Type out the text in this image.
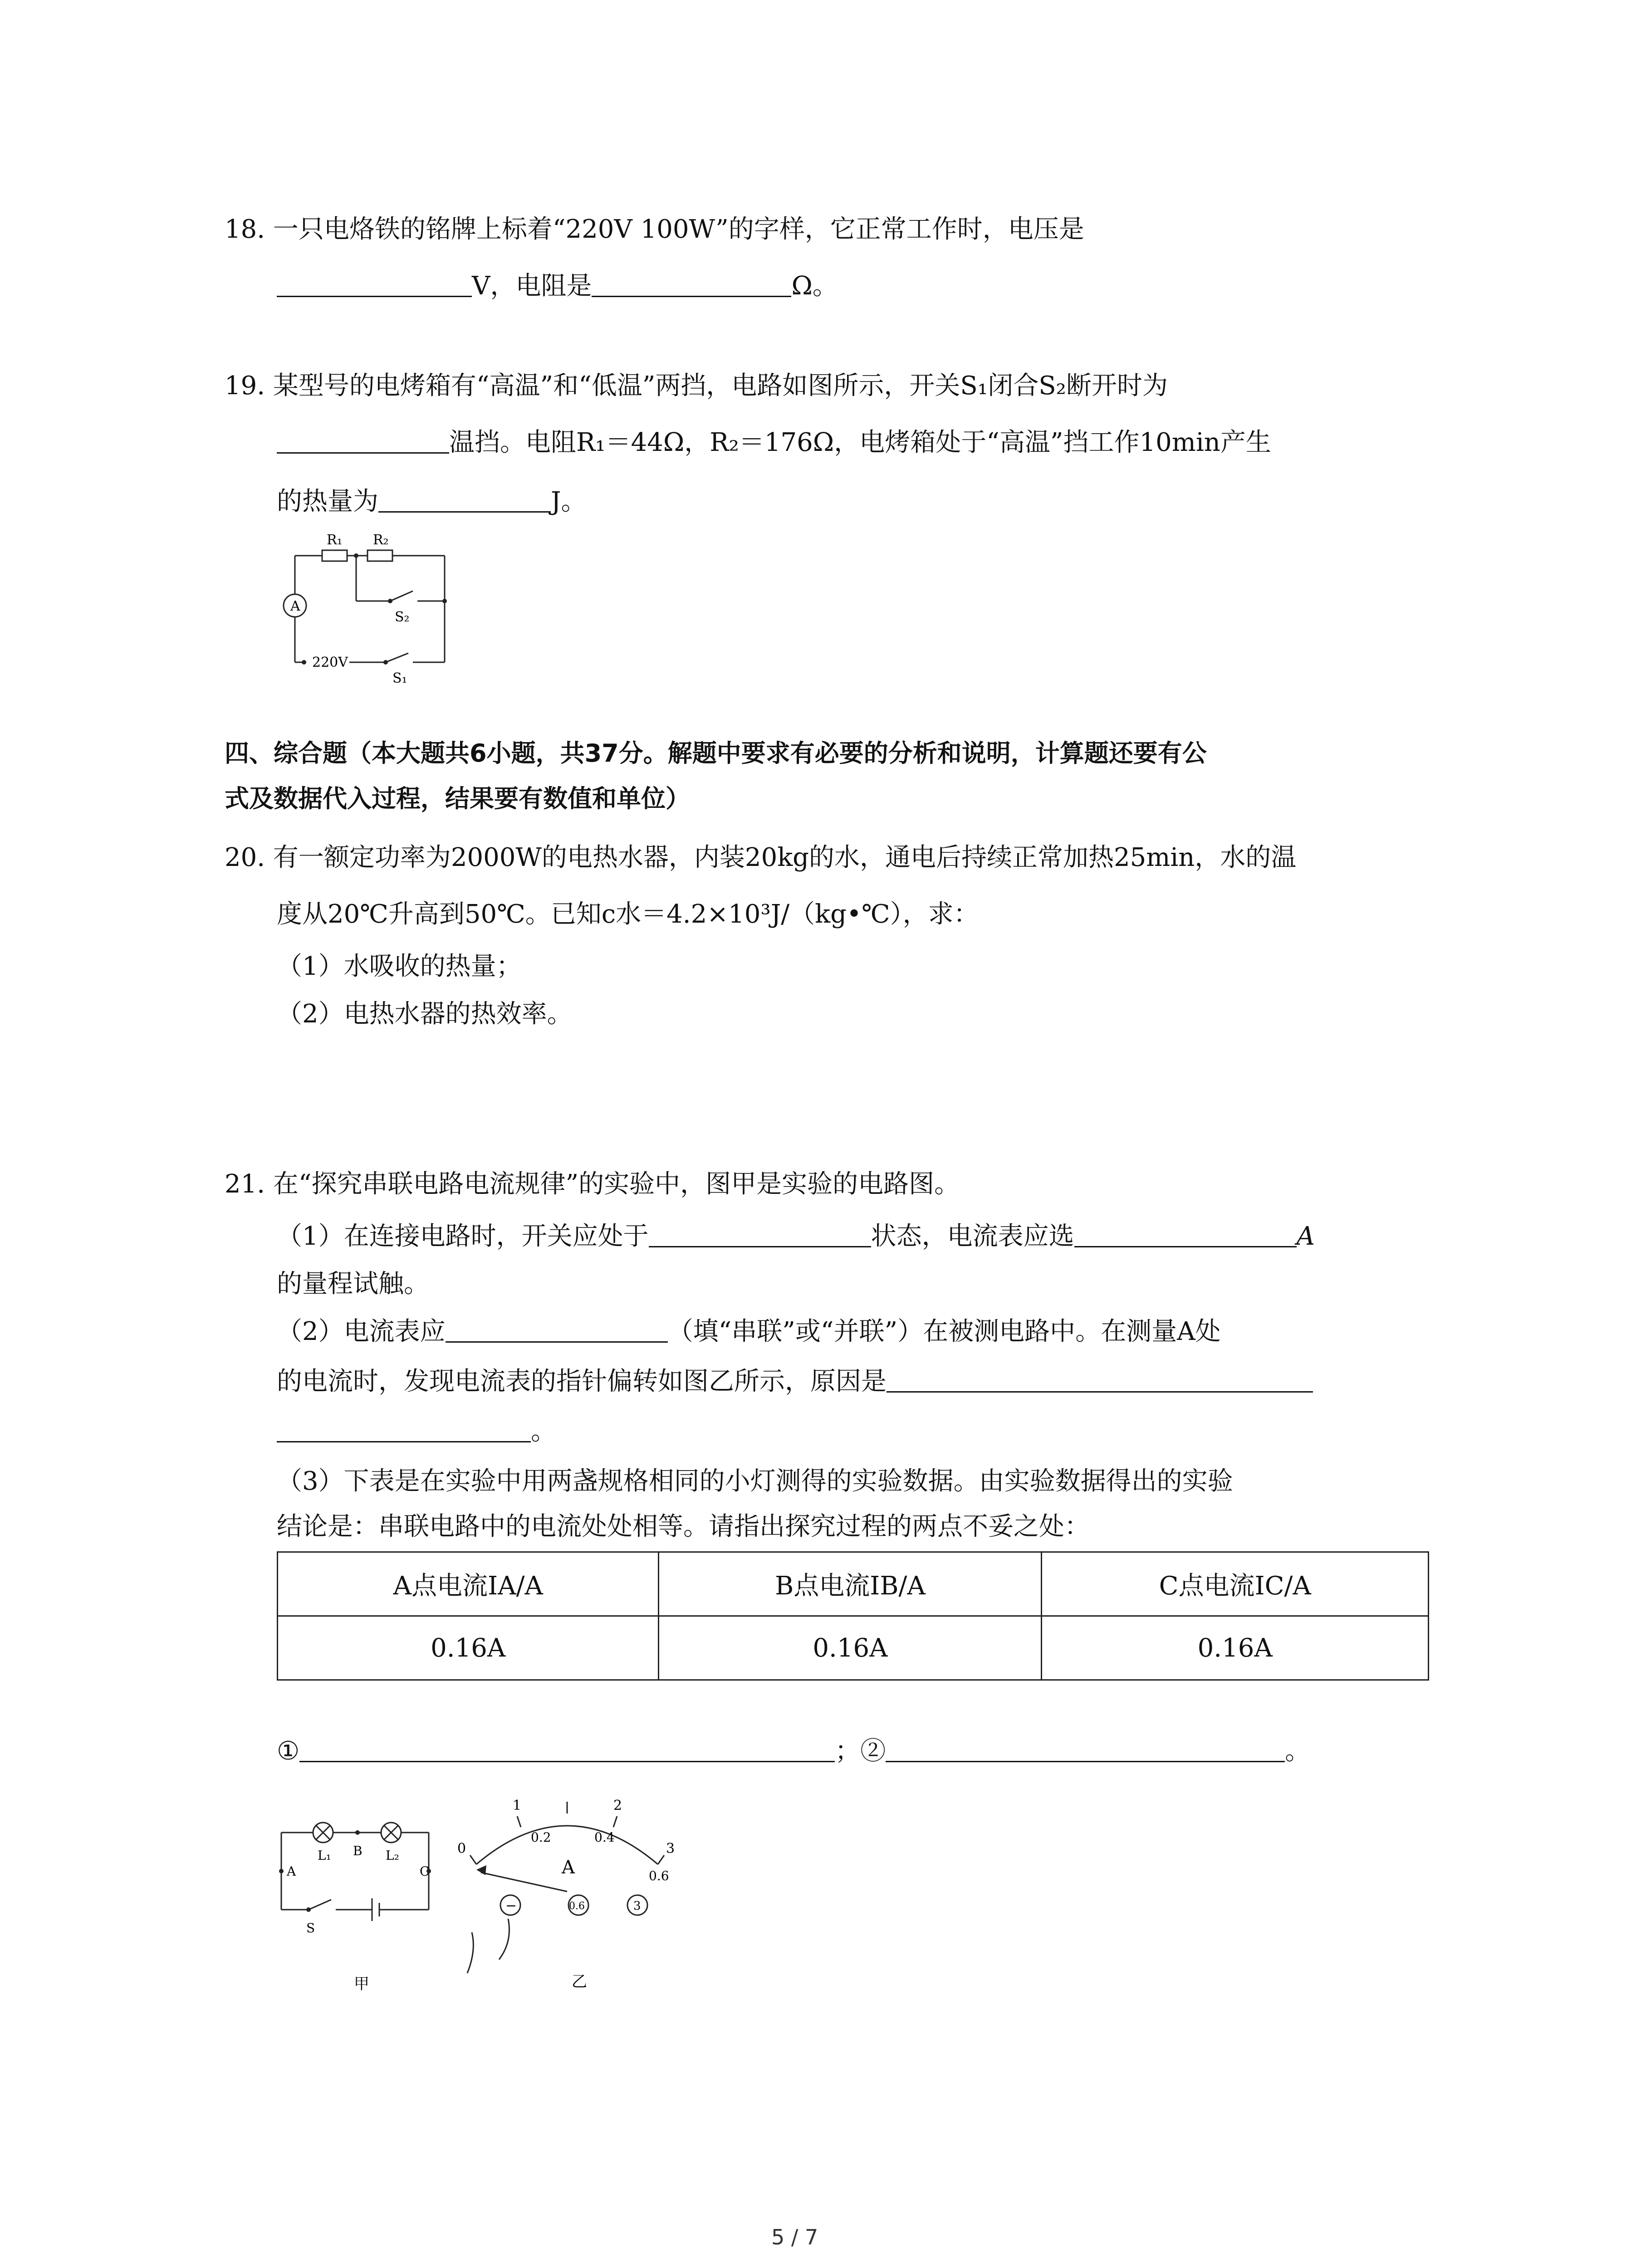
18. 一只电烙铁的铭牌上标着“220V 100W”的字样，它正常工作时，电压是
V，电阻是	Ω。
19. 某型号的电烤箱有“高温”和“低温”两挡，电路如图所示，开关S₁闭合S₂断开时为
温挡。电阻R₁＝44Ω，R₂＝176Ω，电烤箱处于“高温”挡工作10min产生
的热量为	J。
R₁ R₂
A
S₂
220V
S₁
四、综合题（本大题共6小题，共37分。解题中要求有必要的分析和说明，计算题还要有公
式及数据代入过程，结果要有数值和单位）
20. 有一额定功率为2000W的电热水器，内装20kg的水，通电后持续正常加热25min，水的温
度从20℃升高到50℃。已知c水＝4.2×10³J/（kg•℃），求：
（1）水吸收的热量；
（2）电热水器的热效率。
21. 在“探究串联电路电流规律”的实验中，图甲是实验的电路图。
（1）在连接电路时，开关应处于	状态，电流表应选	A
的量程试触。
（2）电流表应	（填“串联”或“并联”）在被测电路中。在测量A处
的电流时，发现电流表的指针偏转如图乙所示，原因是
。
（3）下表是在实验中用两盏规格相同的小灯测得的实验数据。由实验数据得出的实验
结论是：串联电路中的电流处处相等。请指出探究过程的两点不妥之处：
A点电流IA/A	B点电流IB/A	C点电流IC/A
0.16A	0.16A	0.16A
①	；②	。
B
A	C
L₁	L₂
S
甲
0
1	2
3
0.2	0.4
0.6
A
−	0.6	3
乙
5 / 7
